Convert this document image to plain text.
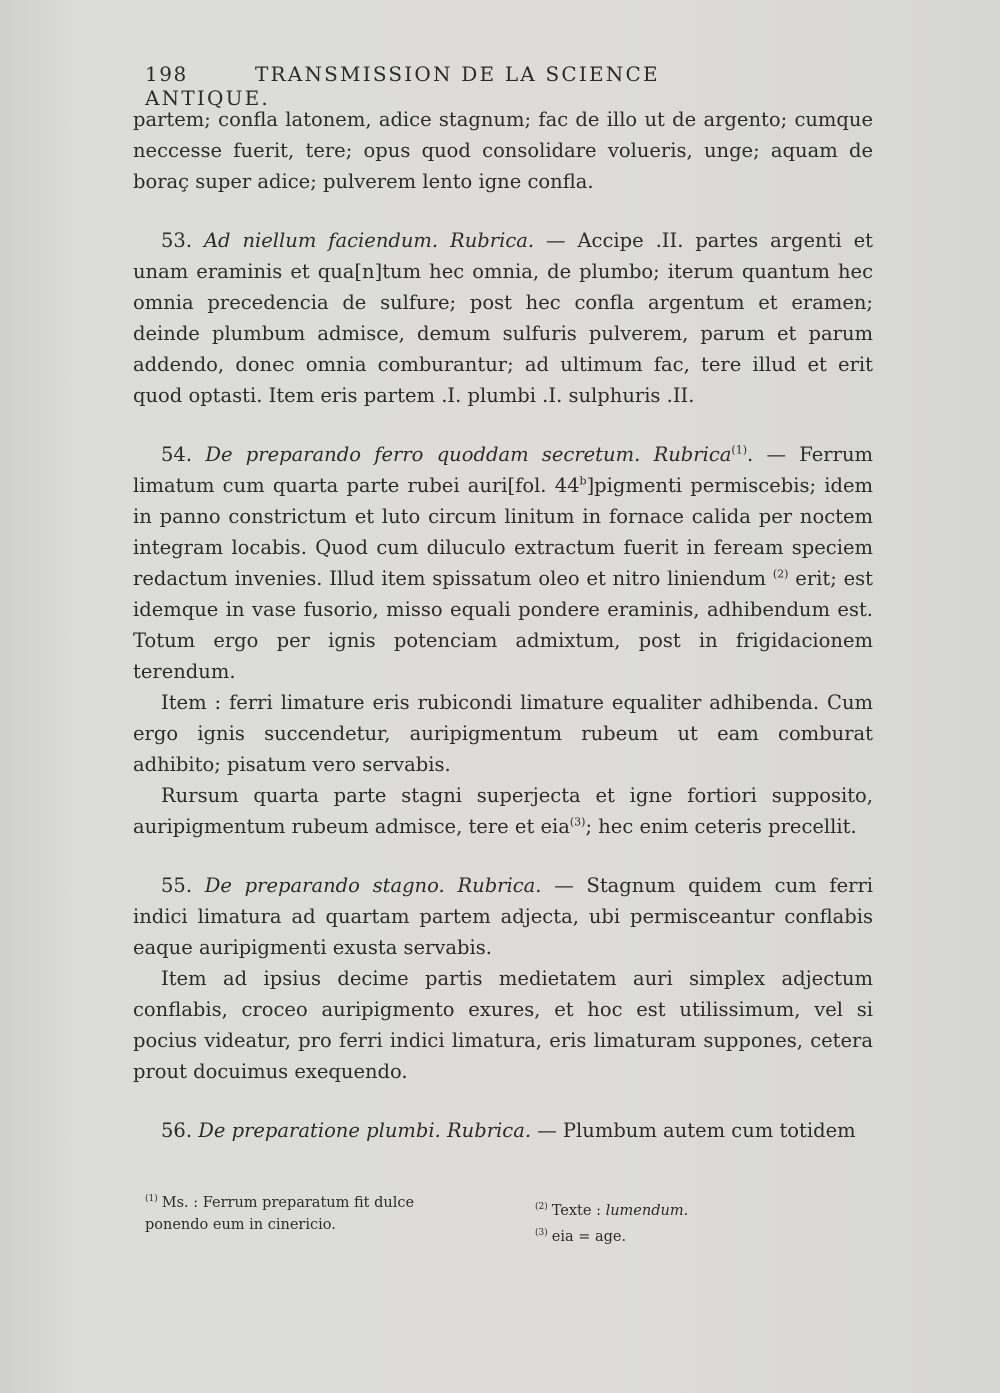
198	TRANSMISSION DE LA SCIENCE ANTIQUE.

partem; confla latonem, adice stagnum; fac de illo ut de argento; cumque neccesse fuerit, tere; opus quod consolidare volueris, unge; aquam de boraç super adice; pulverem lento igne confla.

53. Ad niellum faciendum. Rubrica. — Accipe .II. partes argenti et unam eraminis et qua[n]tum hec omnia, de plumbo; iterum quantum hec omnia precedencia de sulfure; post hec confla argentum et eramen; deinde plumbum admisce, demum sulfuris pulverem, parum et parum addendo, donec omnia comburantur; ad ultimum fac, tere illud et erit quod optasti. Item eris partem .I. plumbi .I. sulphuris .II.

54. De preparando ferro quoddam secretum. Rubrica$^{(1)}$. — Ferrum limatum cum quarta parte rubei auri[fol. 44$^b$]pigmenti permiscebis; idem in panno constrictum et luto circum linitum in fornace calida per noctem integram locabis. Quod cum diluculo extractum fuerit in feream speciem redactum invenies. Illud item spissatum oleo et nitro liniendum $^{(2)}$ erit; est idemque in vase fusorio, misso equali pondere eraminis, adhibendum est. Totum ergo per ignis potenciam admixtum, post in frigidacionem terendum.

Item : ferri limature eris rubicondi limature equaliter adhibenda. Cum ergo ignis succendetur, auripigmentum rubeum ut eam comburat adhibito; pisatum vero servabis.

Rursum quarta parte stagni superjecta et igne fortiori supposito, auripigmentum rubeum admisce, tere et eia$^{(3)}$; hec enim ceteris precellit.

55. De preparando stagno. Rubrica. — Stagnum quidem cum ferri indici limatura ad quartam partem adjecta, ubi permisceantur conflabis eaque auripigmenti exusta servabis.

Item ad ipsius decime partis medietatem auri simplex adjectum conflabis, croceo auripigmento exures, et hoc est utilissimum, vel si pocius videatur, pro ferri indici limatura, eris limaturam suppones, cetera prout docuimus exequendo.

56. De preparatione plumbi. Rubrica. — Plumbum autem cum totidem

$^{(1)}$ Ms. : Ferrum preparatum fit dulce ponendo eum in cinericio.
$^{(2)}$ Texte : lumendum.
$^{(3)}$ eia = age.
